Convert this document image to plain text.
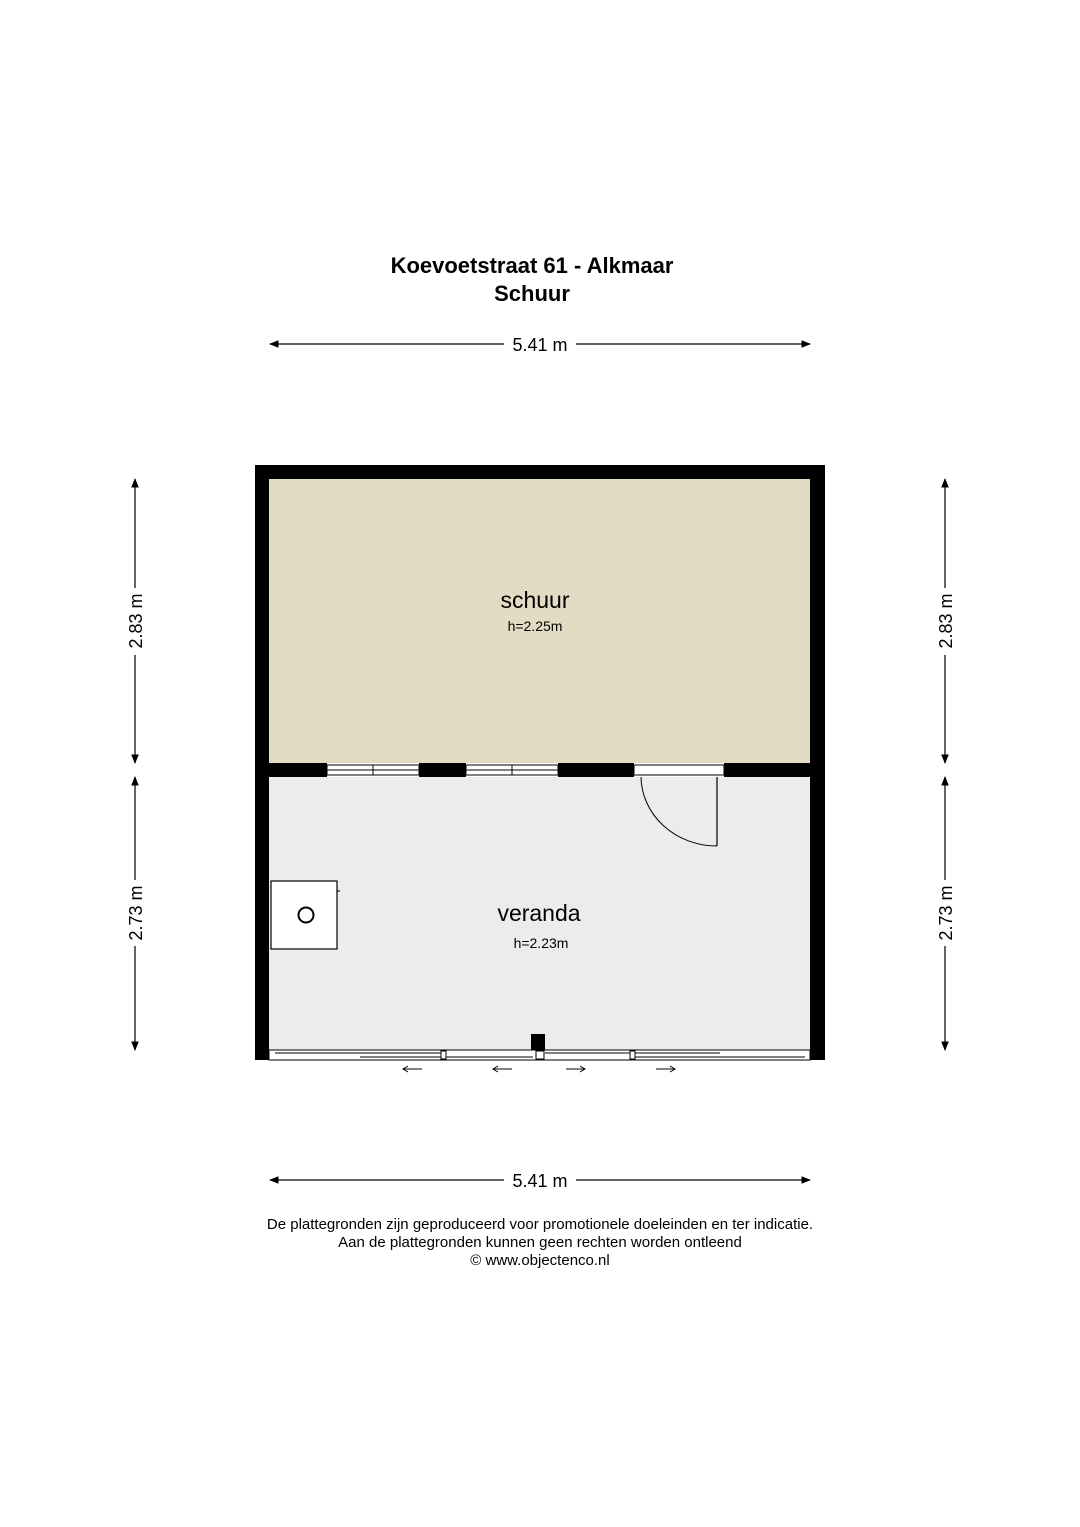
Koevoetstraat 61 - Alkmaar
Schuur
5.41 m
5.41 m
2.83 m
2.73 m
2.83 m
2.73 m
schuur
h=2.25m
veranda
h=2.23m
De plattegronden zijn geproduceerd voor promotionele doeleinden en ter indicatie.
Aan de plattegronden kunnen geen rechten worden ontleend
© www.objectenco.nl
